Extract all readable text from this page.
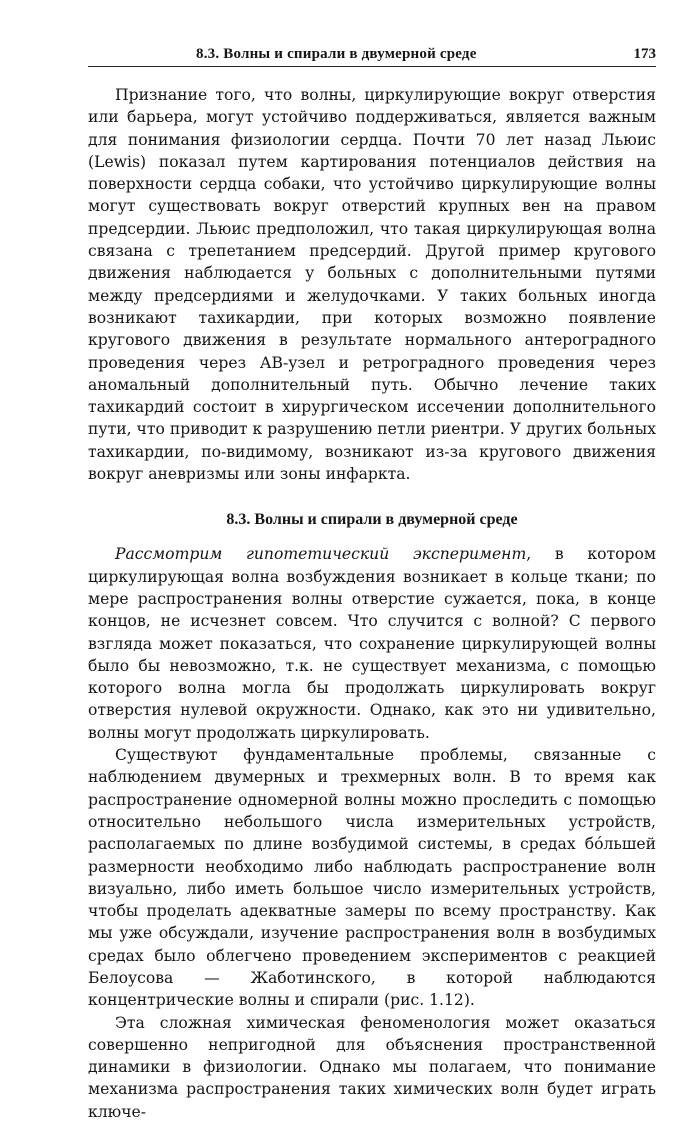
8.3. Волны и спирали в двумерной среде	173

Признание того, что волны, циркулирующие вокруг отверстия или барьера, могут устойчиво поддерживаться, является важным для понимания физиологии сердца. Почти 70 лет назад Льюис (Lewis) показал путем картирования потенциалов действия на поверхности сердца собаки, что устойчиво циркулирующие волны могут существовать вокруг отверстий крупных вен на правом предсердии. Льюис предположил, что такая циркулирующая волна связана с трепетанием предсердий. Другой пример кругового движения наблюдается у больных с дополнительными путями между предсердиями и желудочками. У таких больных иногда возникают тахикардии, при которых возможно появление кругового движения в результате нормального антероградного проведения через АВ-узел и ретроградного проведения через аномальный дополнительный путь. Обычно лечение таких тахикардий состоит в хирургическом иссечении дополнительного пути, что приводит к разрушению петли риентри. У других больных тахикардии, по-видимому, возникают из-за кругового движения вокруг аневризмы или зоны инфаркта.

8.3. Волны и спирали в двумерной среде

Рассмотрим гипотетический эксперимент, в котором циркулирующая волна возбуждения возникает в кольце ткани; по мере распространения волны отверстие сужается, пока, в конце концов, не исчезнет совсем. Что случится с волной? С первого взгляда может показаться, что сохранение циркулирующей волны было бы невозможно, т.к. не существует механизма, с помощью которого волна могла бы продолжать циркулировать вокруг отверстия нулевой окружности. Однако, как это ни удивительно, волны могут продолжать циркулировать.

Существуют фундаментальные проблемы, связанные с наблюдением двумерных и трехмерных волн. В то время как распространение одномерной волны можно проследить с помощью относительно небольшого числа измерительных устройств, располагаемых по длине возбудимой системы, в средах бóльшей размерности необходимо либо наблюдать распространение волн визуально, либо иметь большое число измерительных устройств, чтобы проделать адекватные замеры по всему пространству. Как мы уже обсуждали, изучение распространения волн в возбудимых средах было облегчено проведением экспериментов с реакцией Белоусова — Жаботинского, в которой наблюдаются концентрические волны и спирали (рис. 1.12).

Эта сложная химическая феноменология может оказаться совершенно непригодной для объяснения пространственной динамики в физиологии. Однако мы полагаем, что понимание механизма распространения таких химических волн будет играть ключе-
